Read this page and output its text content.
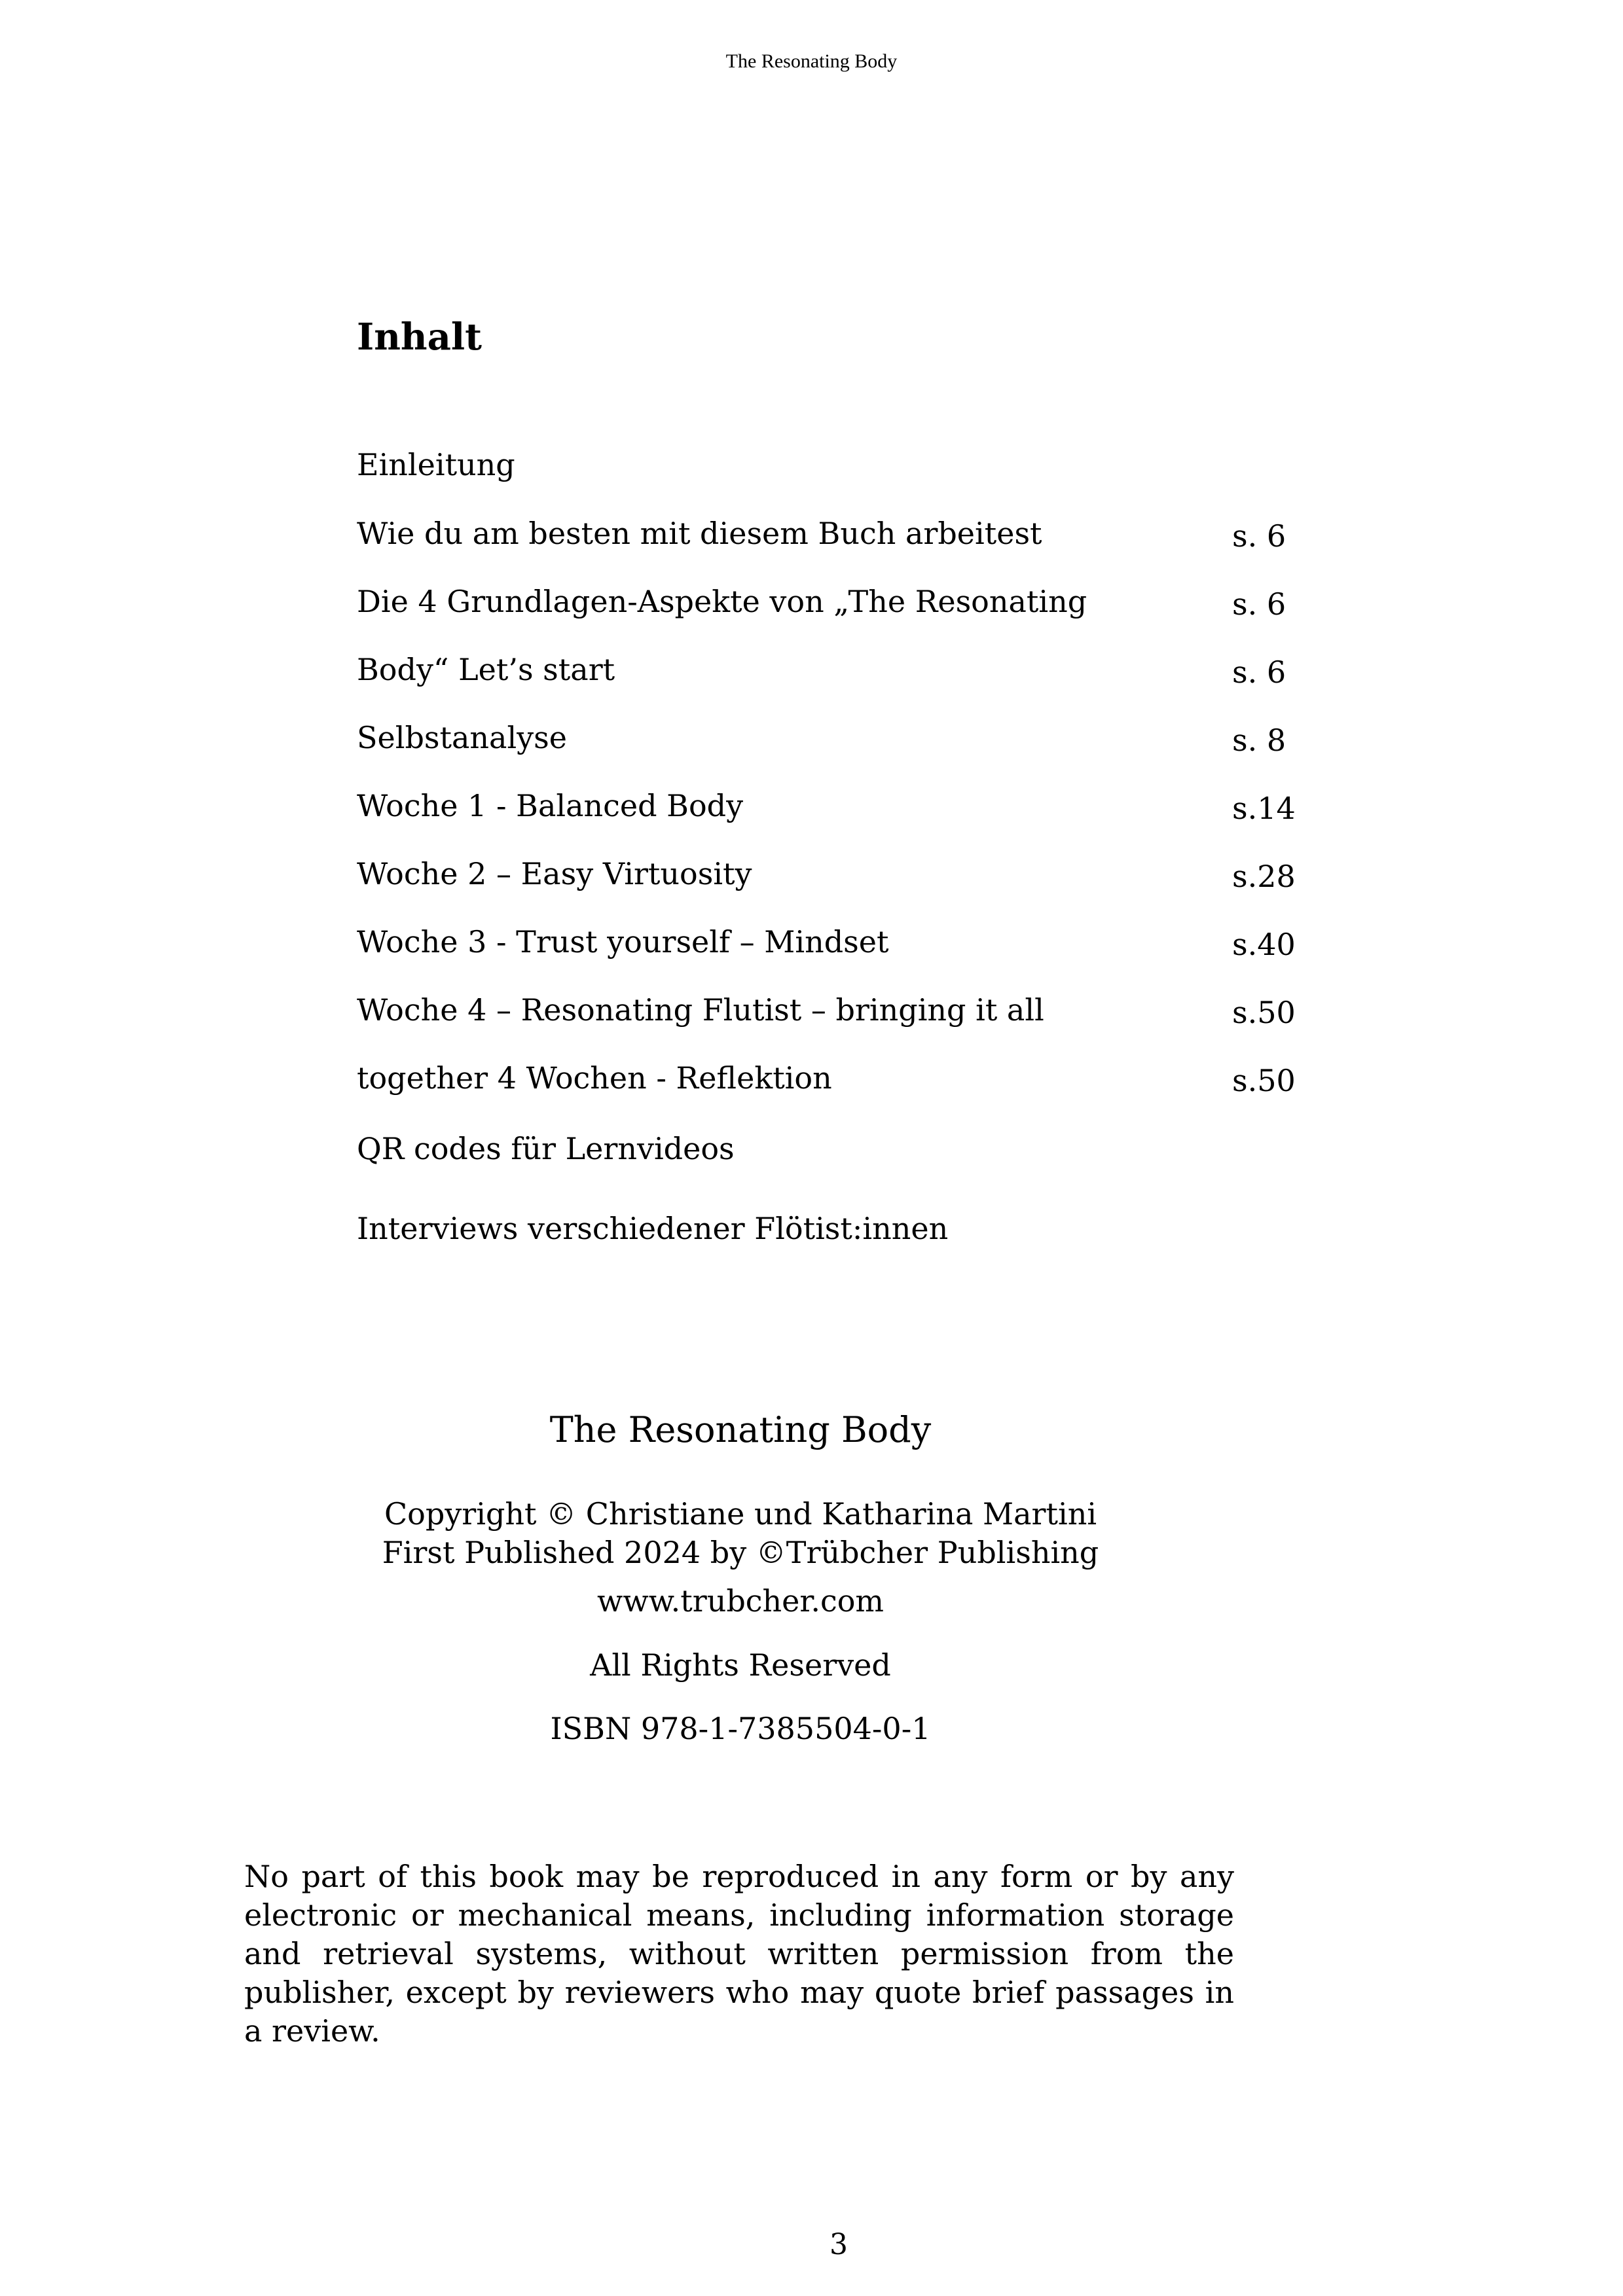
The Resonating Body
Inhalt
Einleitung
Wie du am besten mit diesem Buch arbeitest	s. 6
Die 4 Grundlagen-Aspekte von „The Resonating	s. 6
Body“ Let’s start	s. 6
Selbstanalyse	s. 8
Woche 1 - Balanced Body	s.14
Woche 2 – Easy Virtuosity	s.28
Woche 3 - Trust yourself – Mindset	s.40
Woche 4 – Resonating Flutist – bringing it all	s.50
together 4 Wochen - Reflektion	s.50
QR codes für Lernvideos
Interviews verschiedener Flötist:innen
The Resonating Body
Copyright © Christiane und Katharina Martini
First Published 2024 by ©Trübcher Publishing
www.trubcher.com
All Rights Reserved
ISBN 978-1-7385504-0-1

No part of this book may be reproduced in any form or by any electronic or mechanical means, including information storage and retrieval systems, without written permission from the publisher, except by reviewers who may quote brief passages in a review.

3
